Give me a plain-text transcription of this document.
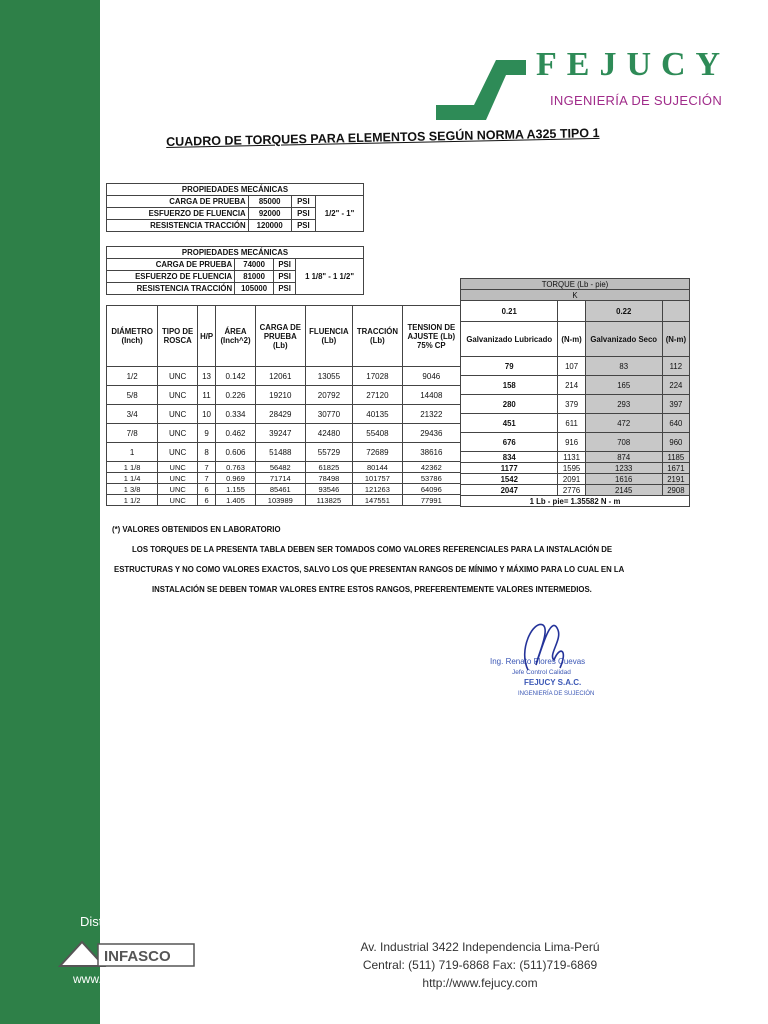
FEJUCY
INGENIERÍA DE SUJECIÓN
CUADRO DE TORQUES PARA ELEMENTOS SEGÚN NORMA A325 TIPO 1
PROPIEDADES MECÁNICAS			
CARGA DE PRUEBA	85000	PSI	1/2" - 1"
ESFUERZO DE FLUENCIA	92000	PSI	
RESISTENCIA TRACCIÓN	120000	PSI	
PROPIEDADES MECÁNICAS			
CARGA DE PRUEBA	74000	PSI	1 1/8" - 1 1/2"
ESFUERZO DE FLUENCIA	81000	PSI	
RESISTENCIA TRACCIÓN	105000	PSI	
DIÁMETRO (Inch)	TIPO DE ROSCA	H/P	ÁREA (Inch^2)	CARGA DE PRUEBA (Lb)	FLUENCIA (Lb)	TRACCIÓN (Lb)	TENSION DE AJUSTE (Lb) 75% CP
1/2	UNC	13	0.142	12061	13055	17028	9046
5/8	UNC	11	0.226	19210	20792	27120	14408
3/4	UNC	10	0.334	28429	30770	40135	21322
7/8	UNC	9	0.462	39247	42480	55408	29436
1	UNC	8	0.606	51488	55729	72689	38616
1 1/8	UNC	7	0.763	56482	61825	80144	42362
1 1/4	UNC	7	0.969	71714	78498	101757	53786
1 3/8	UNC	6	1.155	85461	93546	121263	64096
1 1/2	UNC	6	1.405	103989	113825	147551	77991
TORQUE (Lb - pie)			
K			
0.21		0.22	
Galvanizado Lubricado	(N-m)	Galvanizado Seco	(N-m)
79	107	83	112
158	214	165	224
280	379	293	397
451	611	472	640
676	916	708	960
834	1131	874	1185
1177	1595	1233	1671
1542	2091	1616	2191
2047	2776	2145	2908
1 Lb - pie= 1.35582 N - m			
(*) VALORES OBTENIDOS EN LABORATORIO
LOS TORQUES DE LA PRESENTA TABLA DEBEN SER TOMADOS COMO VALORES REFERENCIALES PARA LA INSTALACIÓN DE
ESTRUCTURAS Y NO COMO VALORES EXACTOS, SALVO LOS QUE PRESENTAN RANGOS DE MÍNIMO Y MÁXIMO PARA LO CUAL EN LA
INSTALACIÓN SE DEBEN TOMAR VALORES ENTRE ESTOS RANGOS, PREFERENTEMENTE VALORES INTERMEDIOS.
Ing. Renato Flores Cuevas
Jefe Control Calidad
FEJUCY S.A.C.
INGENIERÍA DE SUJECIÓN
Distribuidor de:
INFASCO
www.infasco.com
Av. Industrial 3422 Independencia Lima-Perú
Central: (511) 719-6868 Fax: (511)719-6869
http://www.fejucy.com
